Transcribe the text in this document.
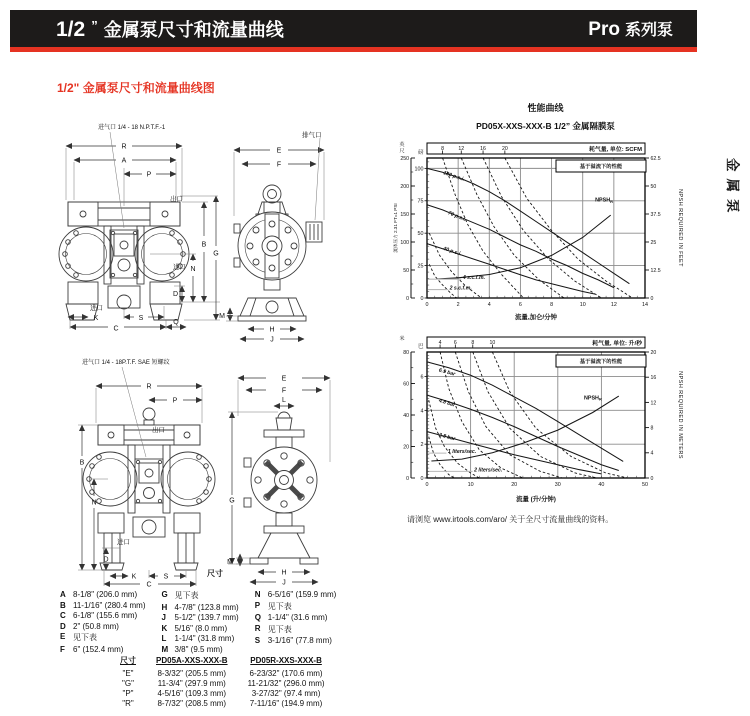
1/2 ” 金属泵尺寸和流量曲线	Pro 系列泵
1/2" 金属泵尺寸和流量曲线图
金属泵
进气口 1/4 - 18 N.P.T.F.-1
R
A
P
B
G
N
D
K	S
C
Q
出口
进口
进口
E
F
排气口
M
H
J
进气口 1/4 - 18P.T.F. SAE 短螺纹
R
P
B
N
D
K	S
C
出口
进口
E
F
L
G
M
H
J
尺寸
性能曲线
PD05X-XXS-XXX-B 1/2” 金属隔膜泵
100 p.s.i.
70 p.s.i.
40 p.s.i.
$NPSH_R$
2 s.c.f.m.
4 s.c.f.m.
100
75
50
25
0
磅
流体压力 2.31 FT=1 PSI
250
200
150
100
50
0
英
尺
62.5
50
37.5
25
12.5
0
NPSH REQUIRED IN FEET
8	12	16	20	耗气量, 单位: SCFM
0	2	4	6	8	10	12	14
流量,加仑/分钟
基于溢流下的性能
6.9 bar
4.8 bar
2.8 bar
$NPSH_R$
1 liters/sec.
2 liters/sec.
6
4
2
0
巴
80
60
40
20
0
米
20
16
12
8
4
0
NPSH REQUIRED IN METERS
4 6	8	10	耗气量, 单位: 升/秒
0	10	20	30	40	50
流量 (升/分钟)
基于溢流下的性能
请浏览 www.irtools.com/aro/ 关于全尺寸流量曲线的资料。
A 8-1/8" (206.0 mm)
B 11-1/16" (280.4 mm)
C 6-1/8" (155.6 mm)
D 2" (50.8 mm)
E 见下表
F	6" (152.4 mm)
G 见下表
H 4-7/8" (123.8 mm)
J	5-1/2" (139.7 mm)
K 5/16" (8.0 mm)
L	1-1/4" (31.8 mm)
M 3/8" (9.5 mm)
N 6-5/16" (159.9 mm)
P 见下表
Q 1-1/4" (31.6 mm)
R 见下表
S 3-1/16" (77.8 mm)
尺寸	PD05A-XXS-XXX-B	PD05R-XXS-XXX-B
"E"	8-3/32" (205.5 mm)	6-23/32" (170.6 mm)
"G"	11-3/4" (297.9 mm)	11-21/32" (296.0 mm)
"P"	4-5/16" (109.3 mm)	3-27/32" (97.4 mm)
"R"	8-7/32" (208.5 mm)	7-11/16" (194.9 mm)
